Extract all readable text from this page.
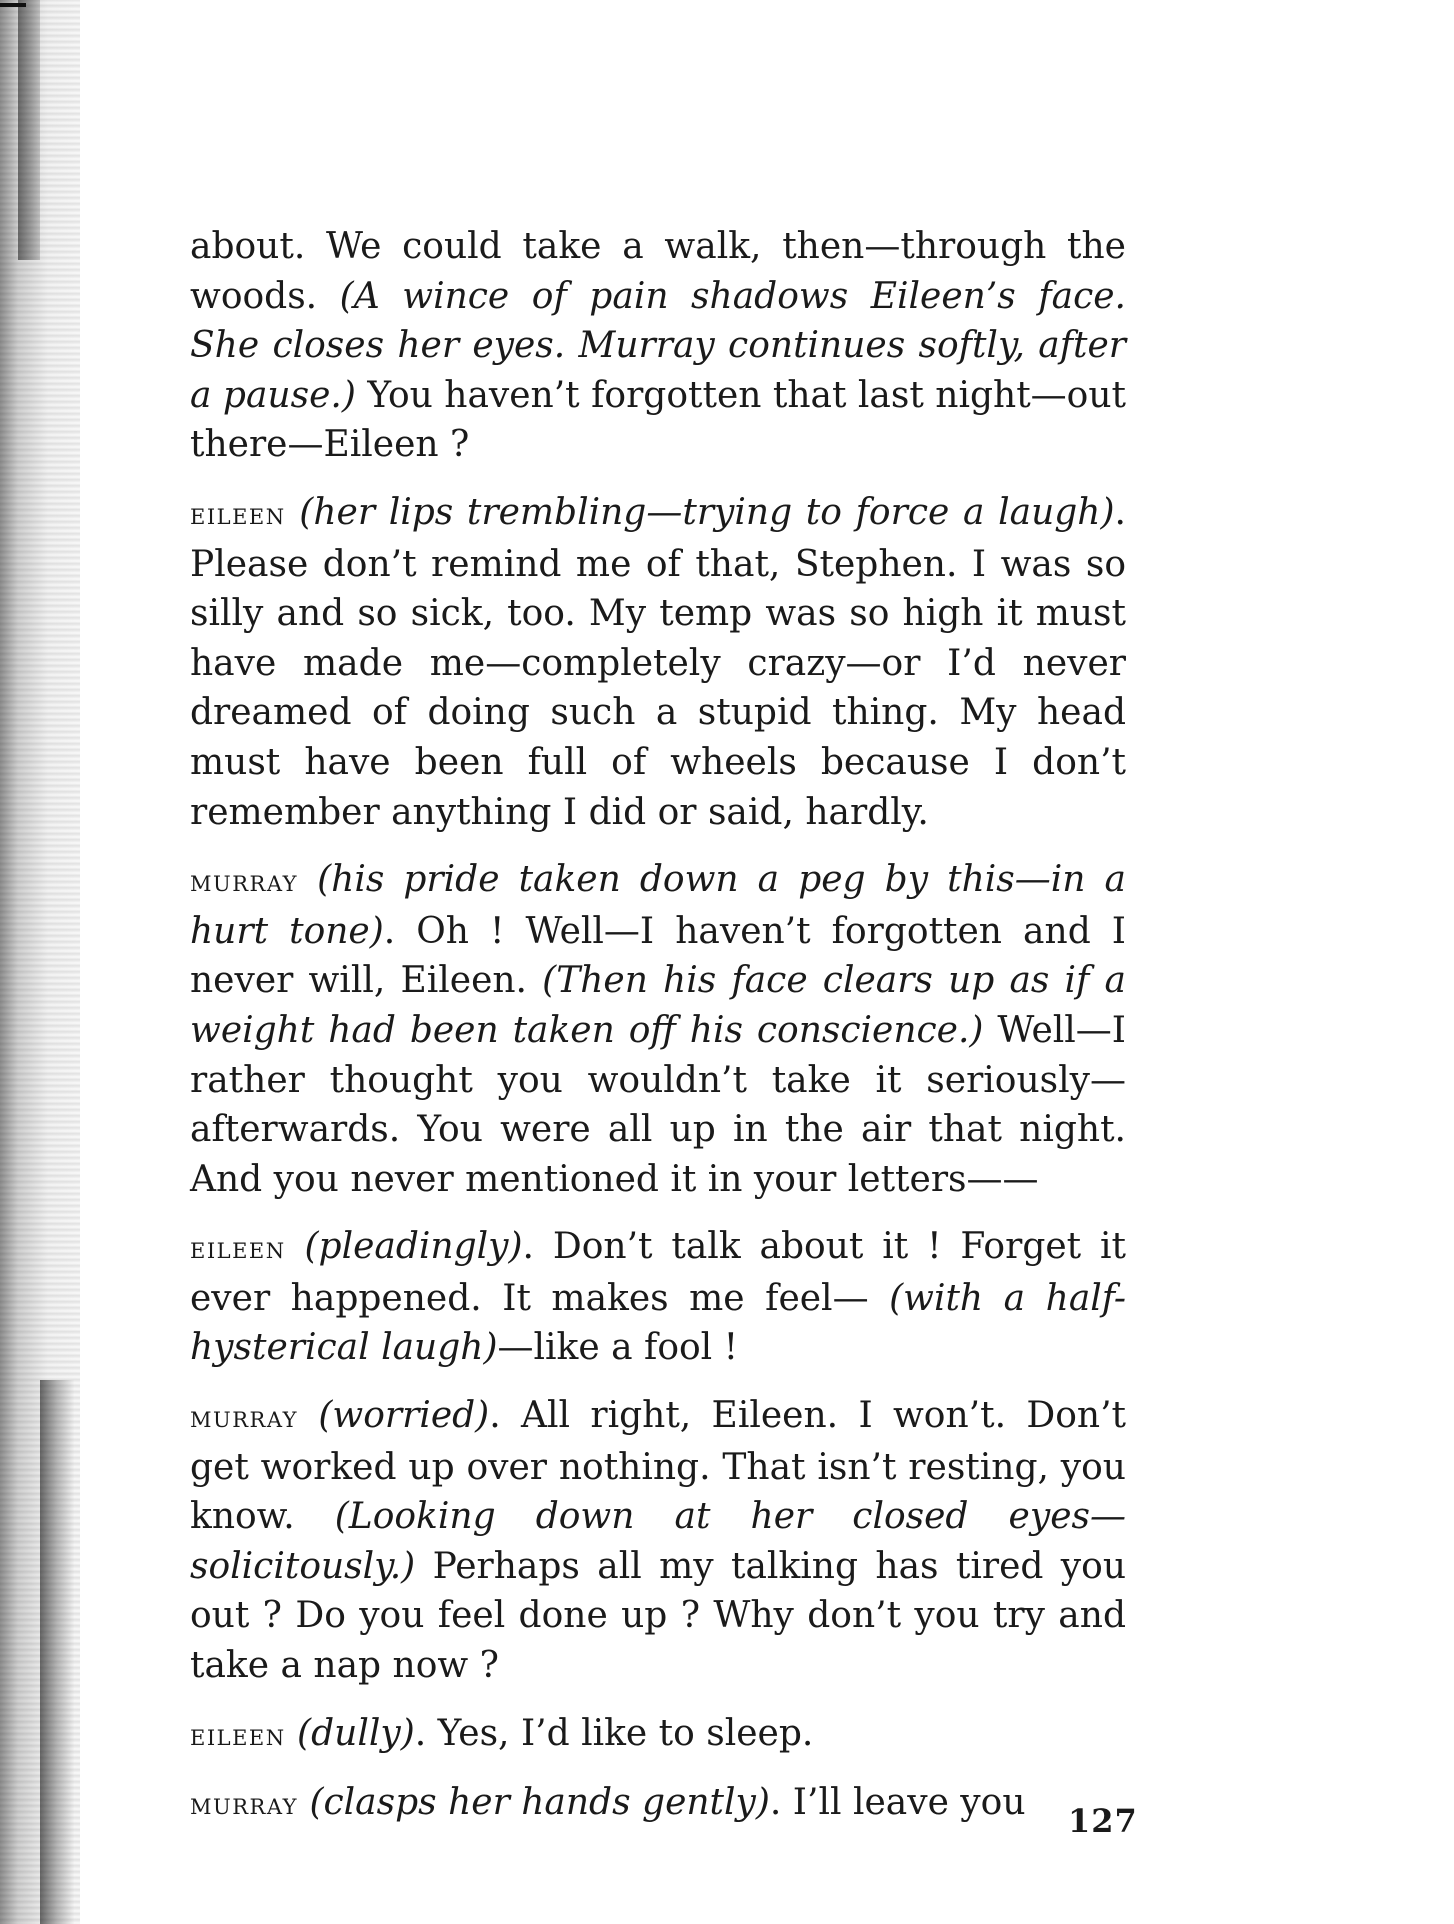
about. We could take a walk, then—through the woods. (A wince of pain shadows Eileen’s face. She closes her eyes. Murray continues softly, after a pause.) You haven’t forgotten that last night—out there—Eileen ?

eileen (her lips trembling—trying to force a laugh). Please don’t remind me of that, Stephen. I was so silly and so sick, too. My temp was so high it must have made me—completely crazy—or I’d never dreamed of doing such a stupid thing. My head must have been full of wheels because I don’t remember anything I did or said, hardly.

murray (his pride taken down a peg by this—in a hurt tone). Oh ! Well—I haven’t forgotten and I never will, Eileen. (Then his face clears up as if a weight had been taken off his conscience.) Well—I rather thought you wouldn’t take it seriously—afterwards. You were all up in the air that night. And you never mentioned it in your letters——

eileen (pleadingly). Don’t talk about it ! Forget it ever happened. It makes me feel— (with a half-hysterical laugh)—like a fool !

murray (worried). All right, Eileen. I won’t. Don’t get worked up over nothing. That isn’t resting, you know. (Looking down at her closed eyes—solicitously.) Perhaps all my talking has tired you out ? Do you feel done up ? Why don’t you try and take a nap now ?

eileen (dully). Yes, I’d like to sleep.

murray (clasps her hands gently). I’ll leave you	127
